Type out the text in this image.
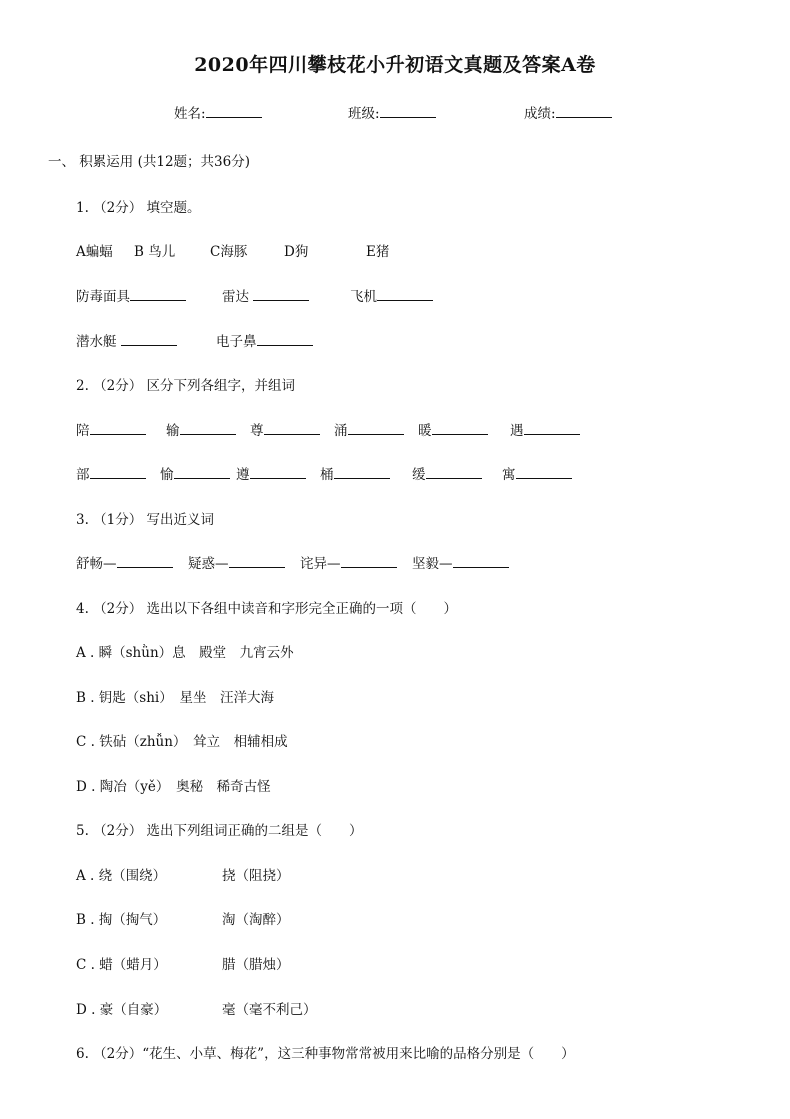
2020年四川攀枝花小升初语文真题及答案A卷
姓名:	班级:	成绩:
一、 积累运用 (共12题；共36分)
1. （2分） 填空题。
A蝙蝠 B 鸟儿	C海豚	D狗	E猪
防毒面具	雷达	飞机
潜水艇	电子鼻
2. （2分） 区分下列各组字，并组词
陪	输	尊	涌	暖	遇
部	愉	遵	桶	缓	寓
3. （1分） 写出近义词
舒畅—	疑惑—	诧异—	坚毅—
4. （2分） 选出以下各组中读音和字形完全正确的一项（　　）
A . 瞬（shǜn）息　殿堂　九宵云外
B . 钥匙（shi）　星坐　汪洋大海
C . 铁砧（zhǚn）　耸立　相辅相成
D . 陶冶（yě）　奥秘　稀奇古怪
5. （2分） 选出下列组词正确的二组是（　　）
A . 绕（围绕）	挠（阻挠）
B . 掏（掏气）	淘（淘醉）
C . 蜡（蜡月）	腊（腊烛）
D . 豪（自豪）	毫（毫不利己）
6. （2分）“花生、小草、梅花”，这三种事物常常被用来比喻的品格分别是（　　）
